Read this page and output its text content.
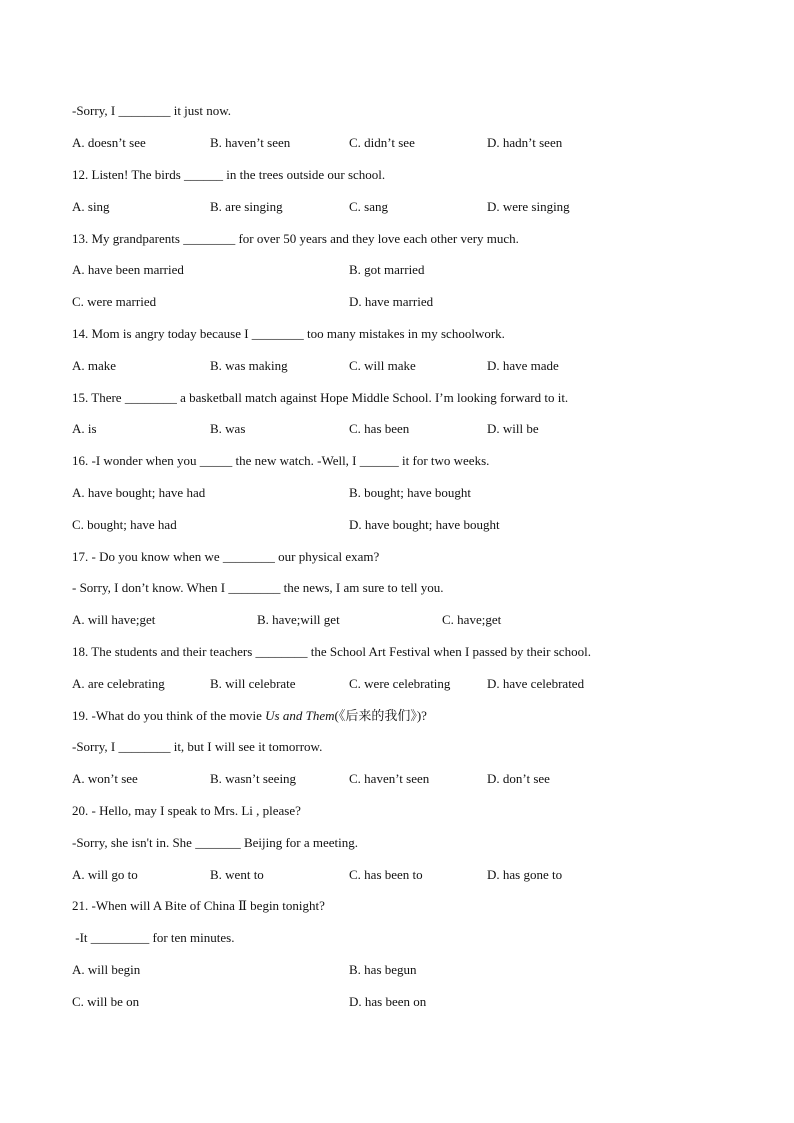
-Sorry, I ________ it just now.
A. doesn’t see	B. haven’t seen	C. didn’t see	D. hadn’t seen
12. Listen! The birds ______ in the trees outside our school.
A. sing	B. are singing	C. sang	D. were singing
13. My grandparents ________ for over 50 years and they love each other very much.
A. have been married	B. got married
C. were married	D. have married
14. Mom is angry today because I ________ too many mistakes in my schoolwork.
A. make	B. was making	C. will make	D. have made
15. There ________ a basketball match against Hope Middle School. I’m looking forward to it.
A. is	B. was	C. has been	D. will be
16. -I wonder when you _____ the new watch. -Well, I ______ it for two weeks.
A. have bought; have had	B. bought; have bought
C. bought; have had	D. have bought; have bought
17. - Do you know when we ________ our physical exam?
- Sorry, I don’t know. When I ________ the news, I am sure to tell you.
A. will have;get	B. have;will get	C. have;get
18. The students and their teachers ________ the School Art Festival when I passed by their school.
A. are celebrating	B. will celebrate	C. were celebrating	D. have celebrated
19. -What do you think of the movie Us and Them(《后来的我们》)?
-Sorry, I ________ it, but I will see it tomorrow.
A. won’t see	B. wasn’t seeing	C. haven’t seen	D. don’t see
20. - Hello, may I speak to Mrs. Li , please?
-Sorry, she isn't in. She _______ Beijing for a meeting.
A. will go to	B. went to	C. has been to	D. has gone to
21. -When will A Bite of China Ⅱ begin tonight?
-It _________ for ten minutes.
A. will begin	B. has begun
C. will be on	D. has been on
